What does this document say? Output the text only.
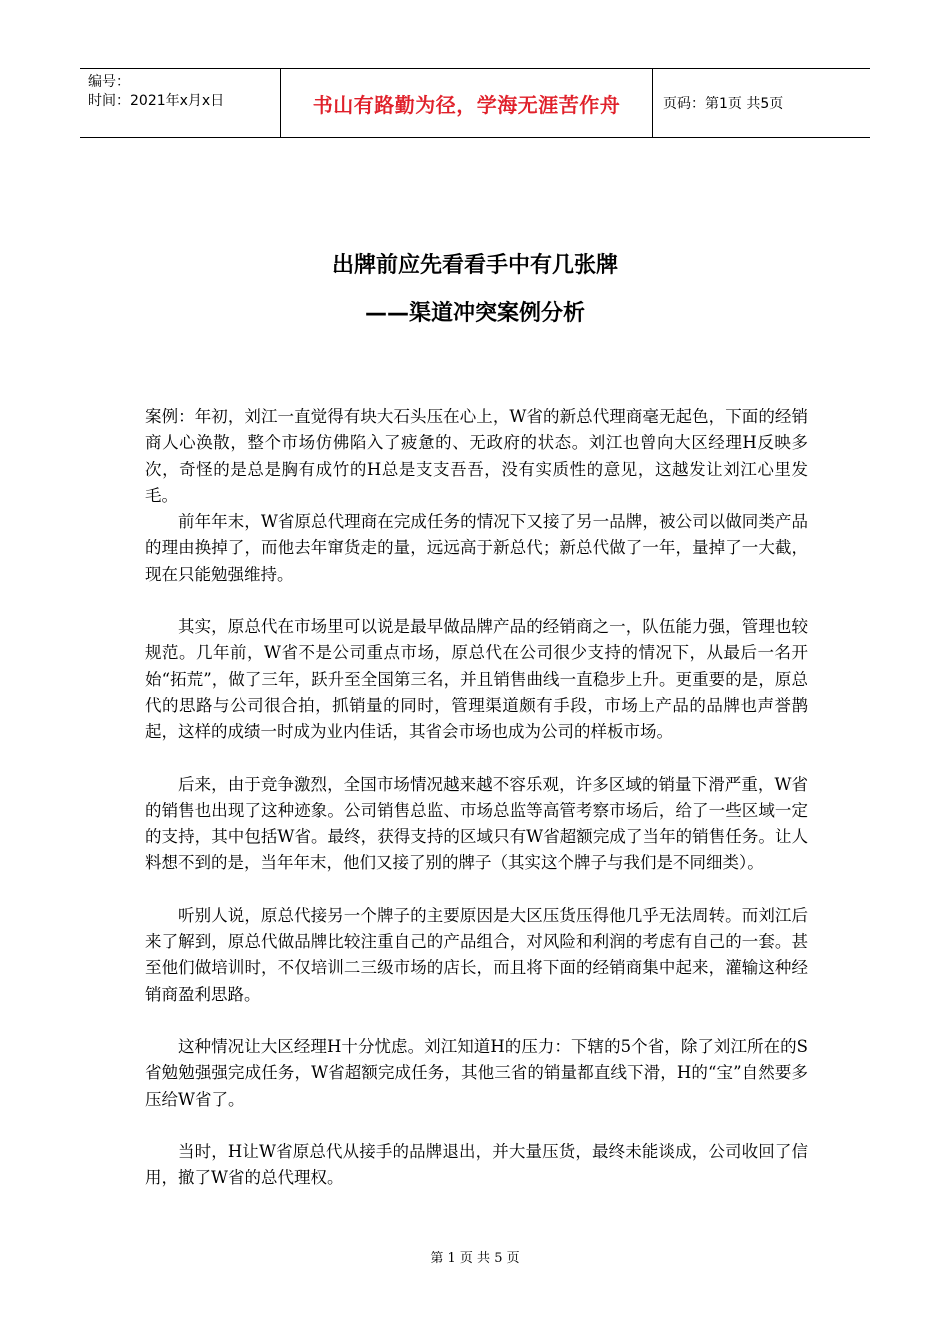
编号：
时间：2021年x月x日	书山有路勤为径，学海无涯苦作舟	页码：第1页 共5页
出牌前应先看看手中有几张牌
——渠道冲突案例分析

案例：年初，刘江一直觉得有块大石头压在心上，W省的新总代理商毫无起色，下面的经销商人心涣散，整个市场仿佛陷入了疲惫的、无政府的状态。刘江也曾向大区经理H反映多次，奇怪的是总是胸有成竹的H总是支支吾吾，没有实质性的意见，这越发让刘江心里发毛。

前年年末，W省原总代理商在完成任务的情况下又接了另一品牌，被公司以做同类产品的理由换掉了，而他去年窜货走的量，远远高于新总代；新总代做了一年，量掉了一大截，现在只能勉强维持。

其实，原总代在市场里可以说是最早做品牌产品的经销商之一，队伍能力强，管理也较规范。几年前，W省不是公司重点市场，原总代在公司很少支持的情况下，从最后一名开始“拓荒”，做了三年，跃升至全国第三名，并且销售曲线一直稳步上升。更重要的是，原总代的思路与公司很合拍，抓销量的同时，管理渠道颇有手段，市场上产品的品牌也声誉鹊起，这样的成绩一时成为业内佳话，其省会市场也成为公司的样板市场。

后来，由于竞争激烈，全国市场情况越来越不容乐观，许多区域的销量下滑严重，W省的销售也出现了这种迹象。公司销售总监、市场总监等高管考察市场后，给了一些区域一定的支持，其中包括W省。最终，获得支持的区域只有W省超额完成了当年的销售任务。让人料想不到的是，当年年末，他们又接了别的牌子（其实这个牌子与我们是不同细类）。

听别人说，原总代接另一个牌子的主要原因是大区压货压得他几乎无法周转。而刘江后来了解到，原总代做品牌比较注重自己的产品组合，对风险和利润的考虑有自己的一套。甚至他们做培训时，不仅培训二三级市场的店长，而且将下面的经销商集中起来，灌输这种经销商盈利思路。

这种情况让大区经理H十分忧虑。刘江知道H的压力：下辖的5个省，除了刘江所在的S省勉勉强强完成任务，W省超额完成任务，其他三省的销量都直线下滑，H的“宝”自然要多压给W省了。

当时，H让W省原总代从接手的品牌退出，并大量压货，最终未能谈成，公司收回了信用，撤了W省的总代理权。

第 1 页 共 5 页
